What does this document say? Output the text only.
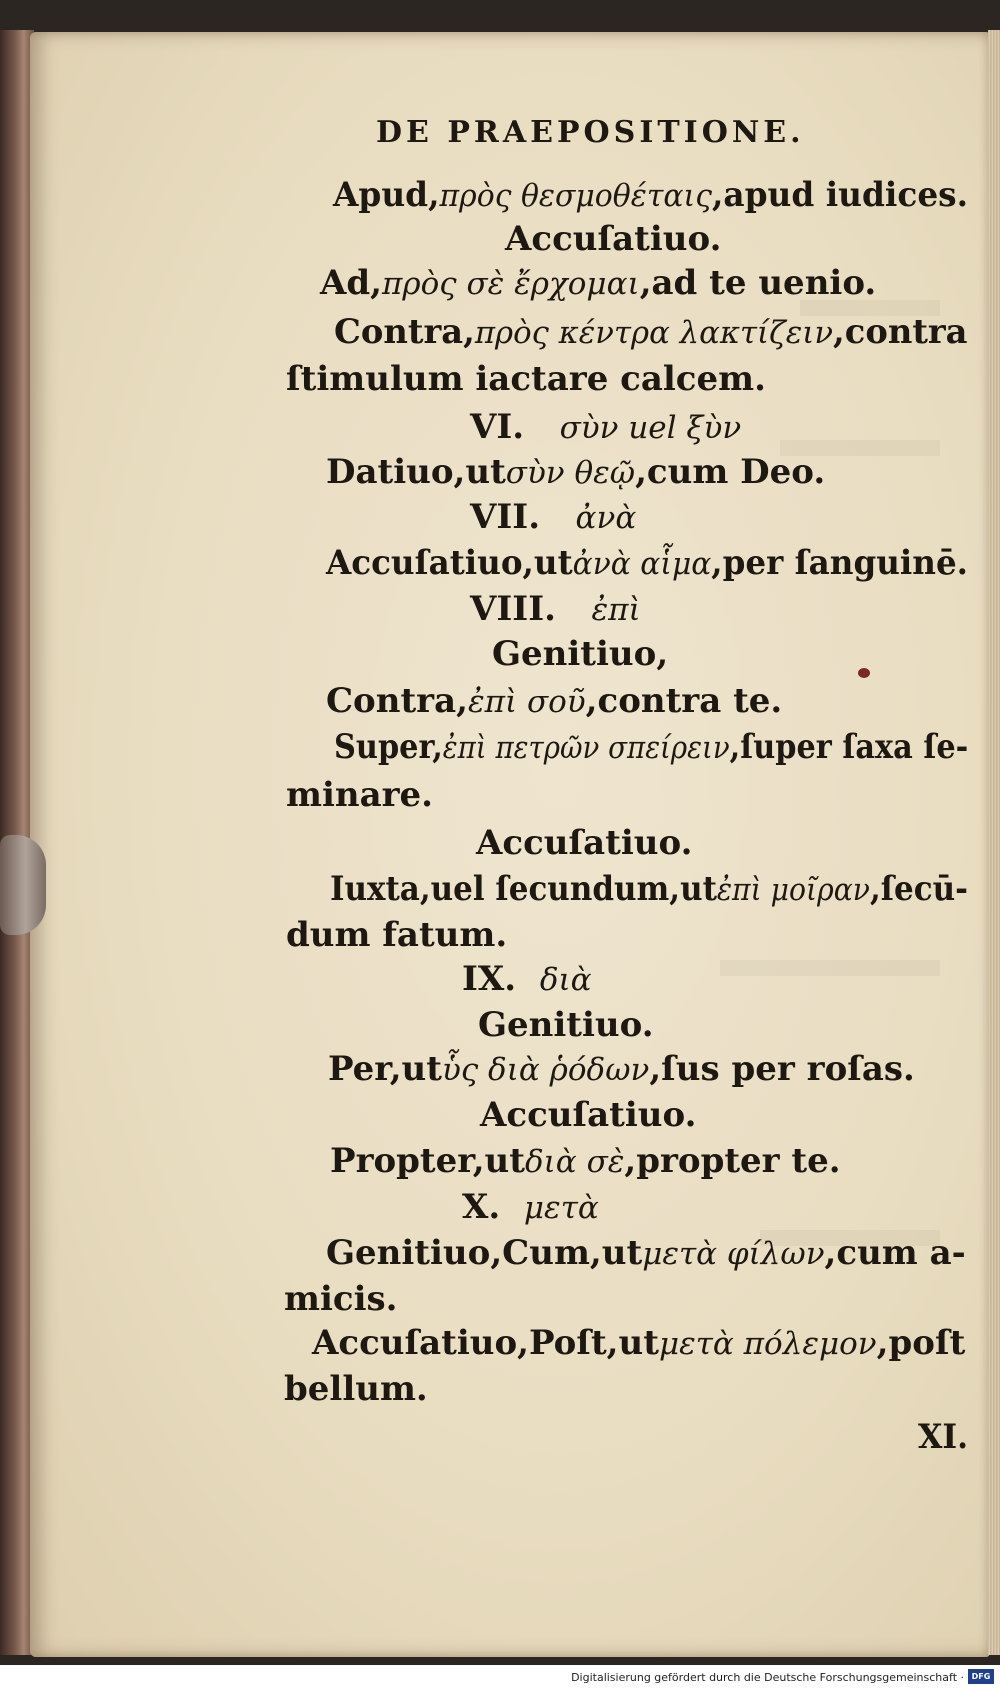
DE PRAEPOSITIONE.
Apud,πρὸς θεσμοθέταις,apud iudices.
Accuſatiuo.
Ad,πρὸς σὲ ἔρχομαι,ad te uenio.
Contra,πρὸς κέντρα λακτίζειν,contra
ſtimulum iactare calcem.
VI. σὺν uel ξὺν
Datiuo,utσὺν θεῷ,cum Deo.
VII. ἀνὰ
Accuſatiuo,utἀνὰ αἷμα,per ſanguinē.
VIII. ἐπὶ
Genitiuo,
Contra,ἐπὶ σοῦ,contra te.
Super,ἐπὶ πετρῶν σπείρειν,ſuper ſaxa ſe-
minare.
Accuſatiuo.
Iuxta,uel ſecundum,utἐπὶ μοῖραν,ſecū-
dum fatum.
IX. διὰ
Genitiuo.
Per,utὗς διὰ ῥόδων,ſus per roſas.
Accuſatiuo.
Propter,utδιὰ σὲ,propter te.
X. μετὰ
Genitiuo,Cum,utμετὰ φίλων,cum a-
micis.
Accuſatiuo,Poſt,utμετὰ πόλεμον,poſt
bellum.
XI.
Digitalisierung gefördert durch die Deutsche Forschungsgemeinschaft · DFG
